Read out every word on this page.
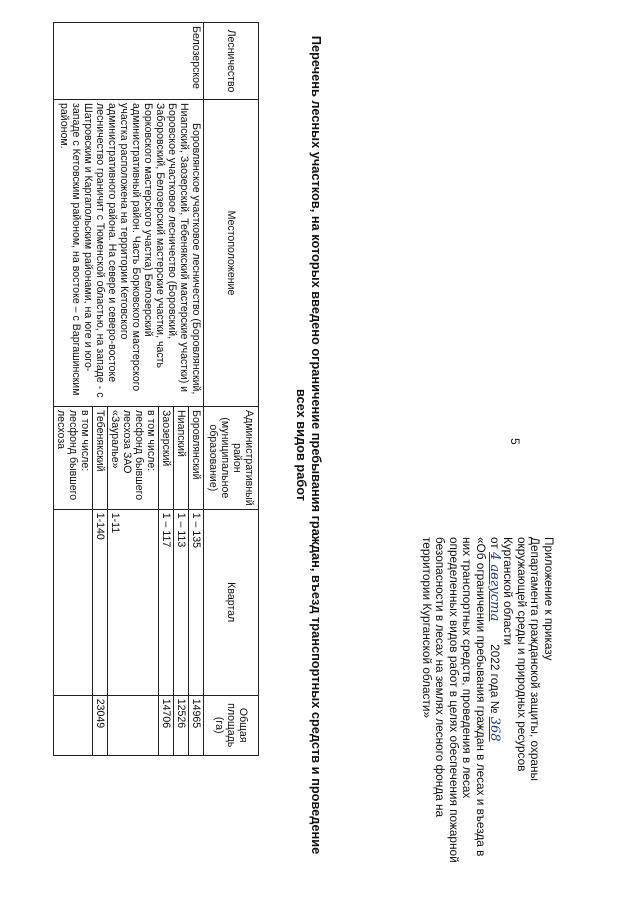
5
Приложение к приказу
Департамента гражданской защиты, охраны
окружающей среды и природных ресурсов
Курганской области
от 4 августа       2022 года № 368
«Об ограничении пребывания граждан в лесах и въезда в них транспортных средств, проведения в лесах определенных видов работ в целях обеспечения пожарной безопасности в лесах на землях лесного фонда на территории Курганской области»
Перечень лесных участков, на которых введено ограничение пребывания граждан, въезд транспортных средств и проведение всех видов работ
Лесничество	Местоположение	Административный район (муниципальное образование)	Квартал	Общая площадь (га)
Белозерское	Боровлянское участковое лесничество (Боровлянский, Ниапский, Заозерский, Тебенякский мастерские участки) и Боровское участковое лесничество (Боровский, Заборовский, Белозерский мастерские участки, часть Борковского мастерского участка) Белозерский административный район. Часть Борковского мастерского участка расположена на территории Кетовского административного района. На севере и северо-востоке лесничество граничит с Тюменской областью, на западе - с Шатровским и Каргапольским районами, на юге и юго-западе с Кетовским районом, на востоке – с Варгашинским районом.	Боровлянский	1 – 135	14965
		Ниапский	1 – 113	12526
		Заозерский	1 – 117	14706
		в том числе: лесфонд бывшего лесхоза ЗАО «Зауралье»	1-11	
		Тебенякский	1-140	23049
		в том числе: лесфонд бывшего лесхоза		
